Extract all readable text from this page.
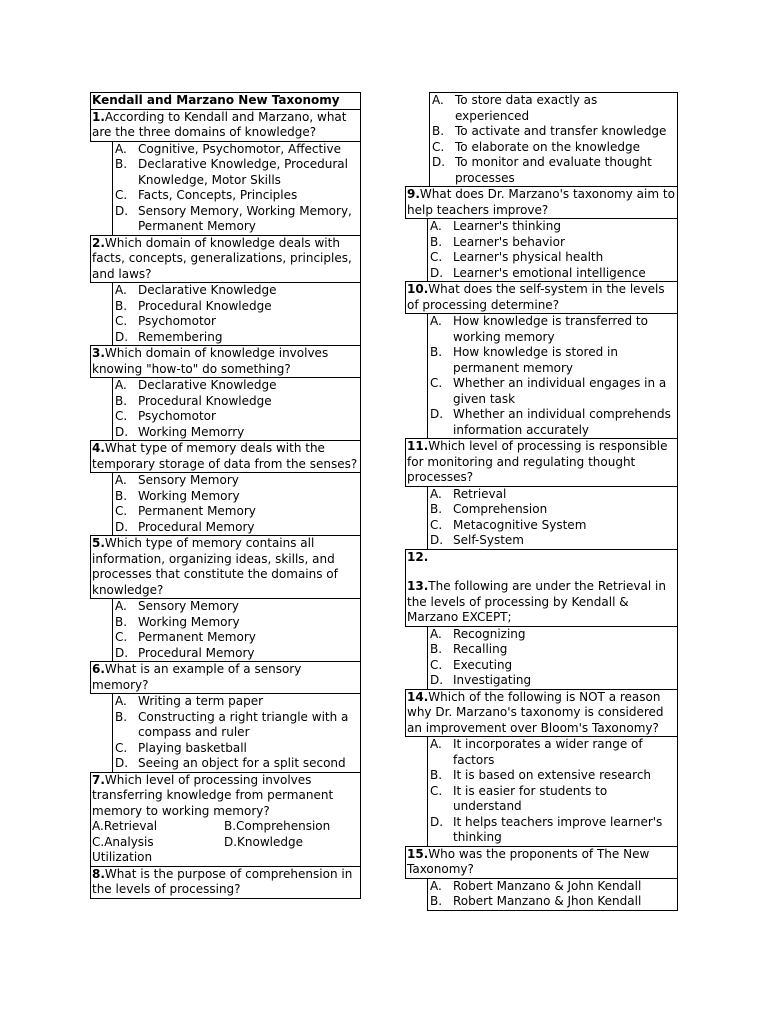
Kendall and Marzano New Taxonomy
1.According to Kendall and Marzano, what are the three domains of knowledge?
A. Cognitive, Psychomotor, Affective
B. Declarative Knowledge, Procedural Knowledge, Motor Skills
C. Facts, Concepts, Principles
D. Sensory Memory, Working Memory, Permanent Memory
2.Which domain of knowledge deals with facts, concepts, generalizations, principles, and laws?
A. Declarative Knowledge
B. Procedural Knowledge
C. Psychomotor
D. Remembering
3.Which domain of knowledge involves knowing "how-to" do something?
A. Declarative Knowledge
B. Procedural Knowledge
C. Psychomotor
D. Working Memorry
4.What type of memory deals with the temporary storage of data from the senses?
A. Sensory Memory
B. Working Memory
C. Permanent Memory
D. Procedural Memory
5.Which type of memory contains all information, organizing ideas, skills, and processes that constitute the domains of knowledge?
A. Sensory Memory
B. Working Memory
C. Permanent Memory
D. Procedural Memory
6.What is an example of a sensory memory?
A. Writing a term paper
B. Constructing a right triangle with a compass and ruler
C. Playing basketball
D. Seeing an object for a split second
7.Which level of processing involves transferring knowledge from permanent memory to working memory?
A.Retrieval	B.Comprehension
C.Analysis	D.Knowledge
Utilization
8.What is the purpose of comprehension in the levels of processing?
A. To store data exactly as experienced
B. To activate and transfer knowledge
C. To elaborate on the knowledge
D. To monitor and evaluate thought processes
9.What does Dr. Marzano's taxonomy aim to help teachers improve?
A. Learner's thinking
B. Learner's behavior
C. Learner's physical health
D. Learner's emotional intelligence
10.What does the self-system in the levels of processing determine?
A. How knowledge is transferred to working memory
B. How knowledge is stored in permanent memory
C. Whether an individual engages in a given task
D. Whether an individual comprehends information accurately
11.Which level of processing is responsible for monitoring and regulating thought processes?
A. Retrieval
B. Comprehension
C. Metacognitive System
D. Self-System
12.
13.The following are under the Retrieval in the levels of processing by Kendall & Marzano EXCEPT;
A. Recognizing
B. Recalling
C. Executing
D. Investigating
14.Which of the following is NOT a reason why Dr. Marzano's taxonomy is considered an improvement over Bloom's Taxonomy?
A. It incorporates a wider range of factors
B. It is based on extensive research
C. It is easier for students to understand
D. It helps teachers improve learner's thinking
15.Who was the proponents of The New Taxonomy?
A. Robert Manzano & John Kendall
B. Robert Manzano & Jhon Kendall
